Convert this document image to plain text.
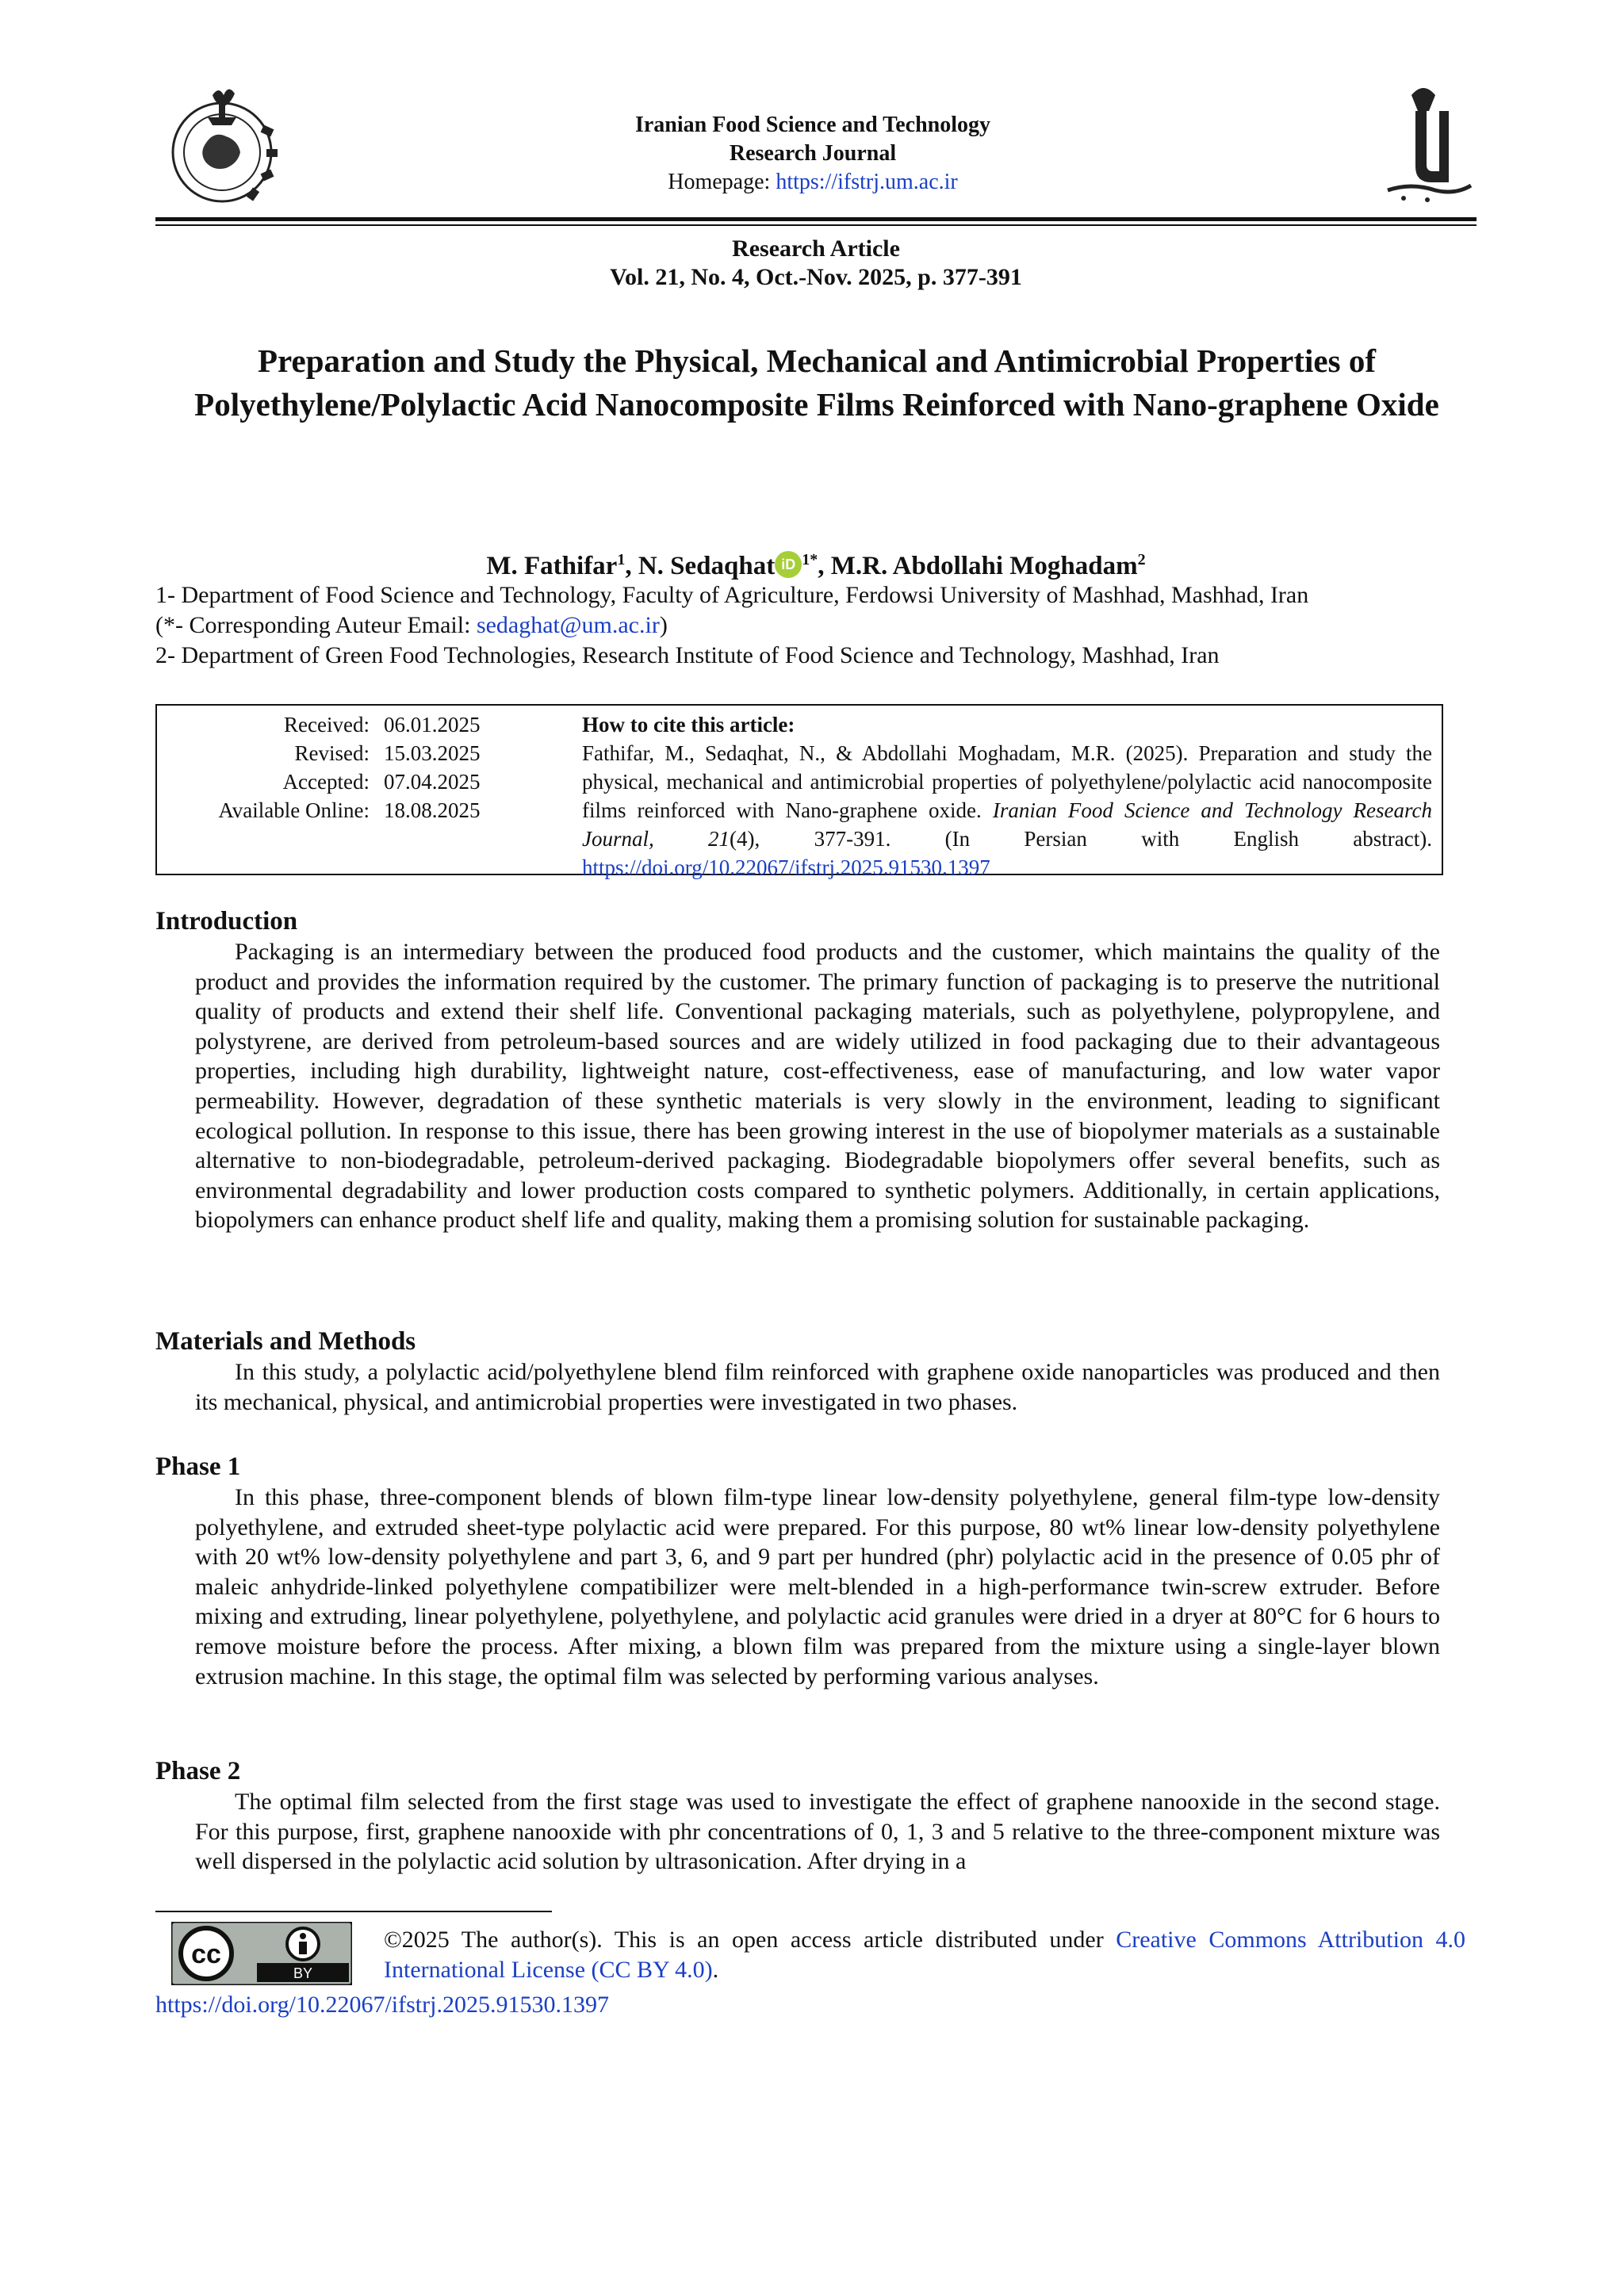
Iranian Food Science and Technology
Research Journal
Homepage: https://ifstrj.um.ac.ir
Research Article
Vol. 21, No. 4, Oct.-Nov. 2025, p. 377-391
Preparation and Study the Physical, Mechanical and Antimicrobial Properties of Polyethylene/Polylactic Acid Nanocomposite Films Reinforced with Nano-graphene Oxide
M. Fathifar$^1$, N. Sedaqhat iD $^{1*}$, M.R. Abdollahi Moghadam$^2$
1- Department of Food Science and Technology, Faculty of Agriculture, Ferdowsi University of Mashhad, Mashhad, Iran
(*- Corresponding Auteur Email: sedaghat@um.ac.ir)
2- Department of Green Food Technologies, Research Institute of Food Science and Technology, Mashhad, Iran
Received: 06.01.2025
Revised: 15.03.2025
Accepted: 07.04.2025
Available Online: 18.08.2025
How to cite this article:
Fathifar, M., Sedaqhat, N., & Abdollahi Moghadam, M.R. (2025). Preparation and study the physical, mechanical and antimicrobial properties of polyethylene/polylactic acid nanocomposite films reinforced with Nano-graphene oxide. Iranian Food Science and Technology Research Journal, 21(4), 377-391. (In Persian with English abstract). https://doi.org/10.22067/ifstrj.2025.91530.1397
Introduction
Packaging is an intermediary between the produced food products and the customer, which maintains the quality of the product and provides the information required by the customer. The primary function of packaging is to preserve the nutritional quality of products and extend their shelf life. Conventional packaging materials, such as polyethylene, polypropylene, and polystyrene, are derived from petroleum-based sources and are widely utilized in food packaging due to their advantageous properties, including high durability, lightweight nature, cost-effectiveness, ease of manufacturing, and low water vapor permeability. However, degradation of these synthetic materials is very slowly in the environment, leading to significant ecological pollution. In response to this issue, there has been growing interest in the use of biopolymer materials as a sustainable alternative to non-biodegradable, petroleum-derived packaging. Biodegradable biopolymers offer several benefits, such as environmental degradability and lower production costs compared to synthetic polymers. Additionally, in certain applications, biopolymers can enhance product shelf life and quality, making them a promising solution for sustainable packaging.
Materials and Methods
In this study, a polylactic acid/polyethylene blend film reinforced with graphene oxide nanoparticles was produced and then its mechanical, physical, and antimicrobial properties were investigated in two phases.
Phase 1
In this phase, three-component blends of blown film-type linear low-density polyethylene, general film-type low-density polyethylene, and extruded sheet-type polylactic acid were prepared. For this purpose, 80 wt% linear low-density polyethylene with 20 wt% low-density polyethylene and part 3, 6, and 9 part per hundred (phr) polylactic acid in the presence of 0.05 phr of maleic anhydride-linked polyethylene compatibilizer were melt-blended in a high-performance twin-screw extruder. Before mixing and extruding, linear polyethylene, polyethylene, and polylactic acid granules were dried in a dryer at 80°C for 6 hours to remove moisture before the process. After mixing, a blown film was prepared from the mixture using a single-layer blown extrusion machine. In this stage, the optimal film was selected by performing various analyses.
Phase 2
The optimal film selected from the first stage was used to investigate the effect of graphene nanooxide in the second stage. For this purpose, first, graphene nanooxide with phr concentrations of 0, 1, 3 and 5 relative to the three-component mixture was well dispersed in the polylactic acid solution by ultrasonication. After drying in a
cc
BY
©2025 The author(s). This is an open access article distributed under Creative Commons Attribution 4.0 International License (CC BY 4.0).
https://doi.org/10.22067/ifstrj.2025.91530.1397
